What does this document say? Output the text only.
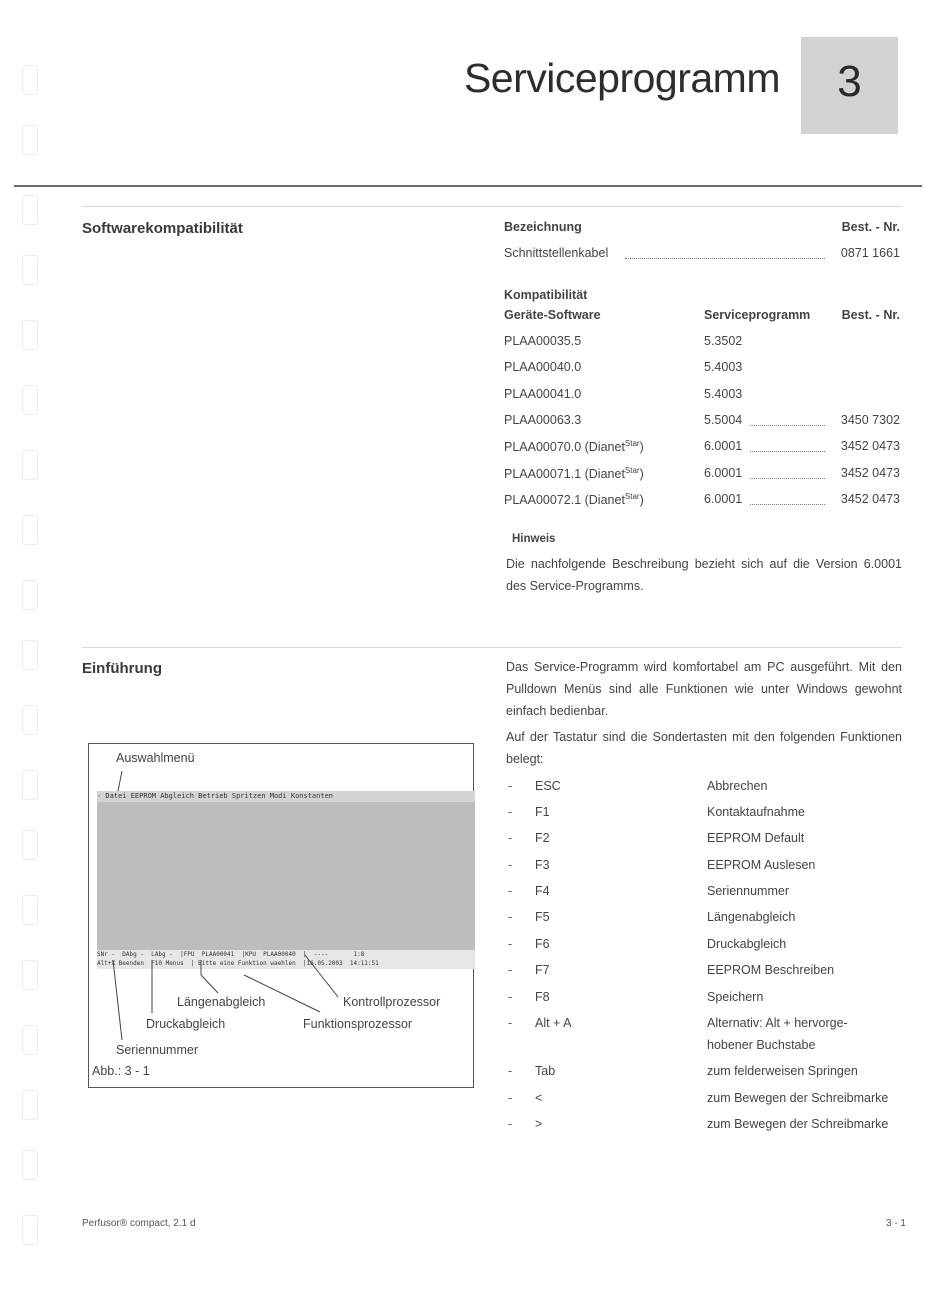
Serviceprogramm	3
Softwarekompatibilität	Bezeichnung	Best. - Nr.
Schnittstellenkabel	0871 1661
Kompatibilität
Geräte-Software	Serviceprogramm	Best. - Nr.
PLAA00035.5	5.3502
PLAA00040.0	5.4003
PLAA00041.0	5.4003
PLAA00063.3	5.5004	3450 7302
PLAA00070.0 (Dianet$^{Star}$)	6.0001	3452 0473
PLAA00071.1 (Dianet$^{Star}$)	6.0001	3452 0473
PLAA00072.1 (Dianet$^{Star}$)	6.0001	3452 0473
Hinweis
Die nachfolgende Beschreibung bezieht sich auf die Version 6.0001 des Service-Programms.
Einführung	Das Service-Programm wird komfortabel am PC ausgeführt. Mit den Pulldown Menüs sind alle Funktionen wie unter Windows gewohnt einfach bedienbar.
Auf der Tastatur sind die Sondertasten mit den folgenden Funktionen belegt:
- ESC	Abbrechen
- F1	Kontaktaufnahme
- F2	EEPROM Default
- F3	EEPROM Auslesen
- F4	Seriennummer
- F5	Längenabgleich
- F6	Druckabgleich
- F7	EEPROM Beschreiben
- F8	Speichern
- Alt + A	Alternativ: Alt + hervorge-
hobener Buchstabe
- Tab	zum felderweisen Springen
- <	zum Bewegen der Schreibmarke
- >	zum Bewegen der Schreibmarke
- Datei EEPROM Abgleich Betrieb Spritzen Modi Konstanten
SNr -  DAbg -  LAbg -  |FPU  PLAA00041  |KPU  PLAA00040  |  ----       1:8
Alt+X Beenden  F10 Menus  | Bitte eine Funktion waehlen  |16.05.2003  14:11:51
Auswahlmenü
Längenabgleich	Kontrollprozessor
Druckabgleich	Funktionsprozessor
Seriennummer
Abb.: 3 - 1
Perfusor® compact, 2.1 d	3 - 1
